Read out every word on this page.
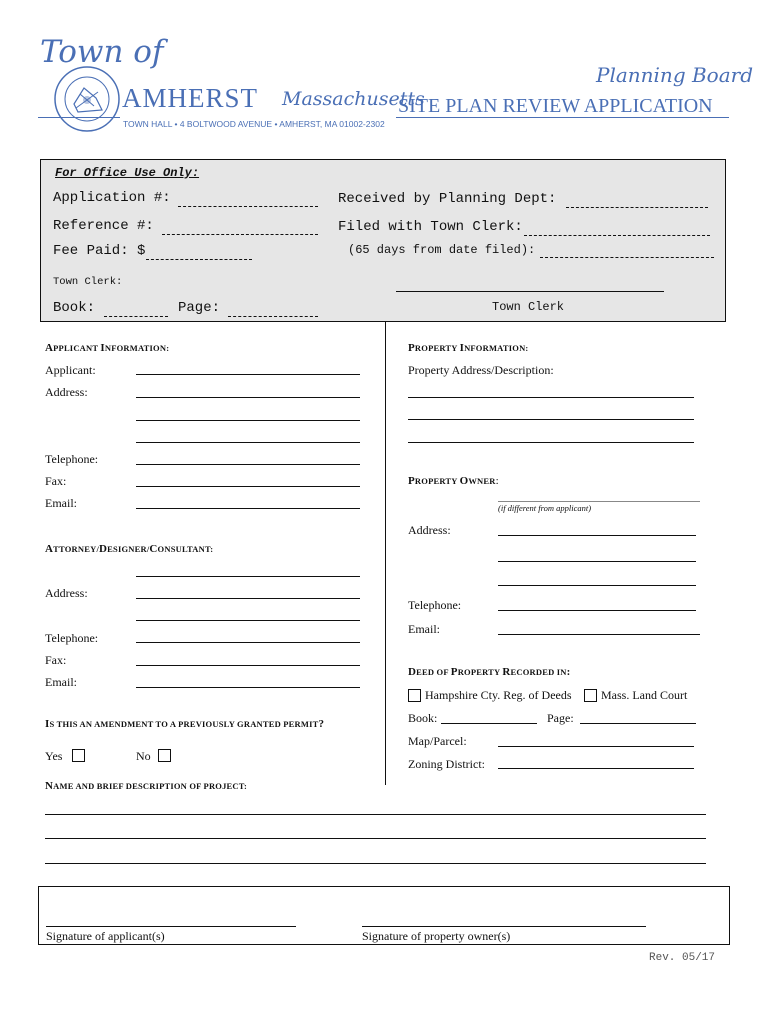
Town of
AMHERST Massachusetts
TOWN HALL • 4 BOLTWOOD AVENUE • AMHERST, MA 01002-2302
Planning Board
SITE PLAN REVIEW APPLICATION
For Office Use Only:
Application #:	Received by Planning Dept:
Reference #:	Filed with Town Clerk:
Fee Paid: $	(65 days from date filed):
Town Clerk:
Book:	Page:	Town Clerk
APPLICANT INFORMATION:
Applicant:
Address:
Telephone:
Fax:
Email:
ATTORNEY/DESIGNER/CONSULTANT:
Address:
Telephone:
Fax:
Email:
IS THIS AN AMENDMENT TO A PREVIOUSLY GRANTED PERMIT?
Yes	No
NAME AND BRIEF DESCRIPTION OF PROJECT:
PROPERTY INFORMATION:
Property Address/Description:
PROPERTY OWNER:
(if different from applicant)
Address:
Telephone:
Email:
DEED OF PROPERTY RECORDED IN:
Hampshire Cty. Reg. of Deeds Mass. Land Court
Book:	Page:
Map/Parcel:
Zoning District:
Signature of applicant(s)	Signature of property owner(s)
Rev. 05/17
